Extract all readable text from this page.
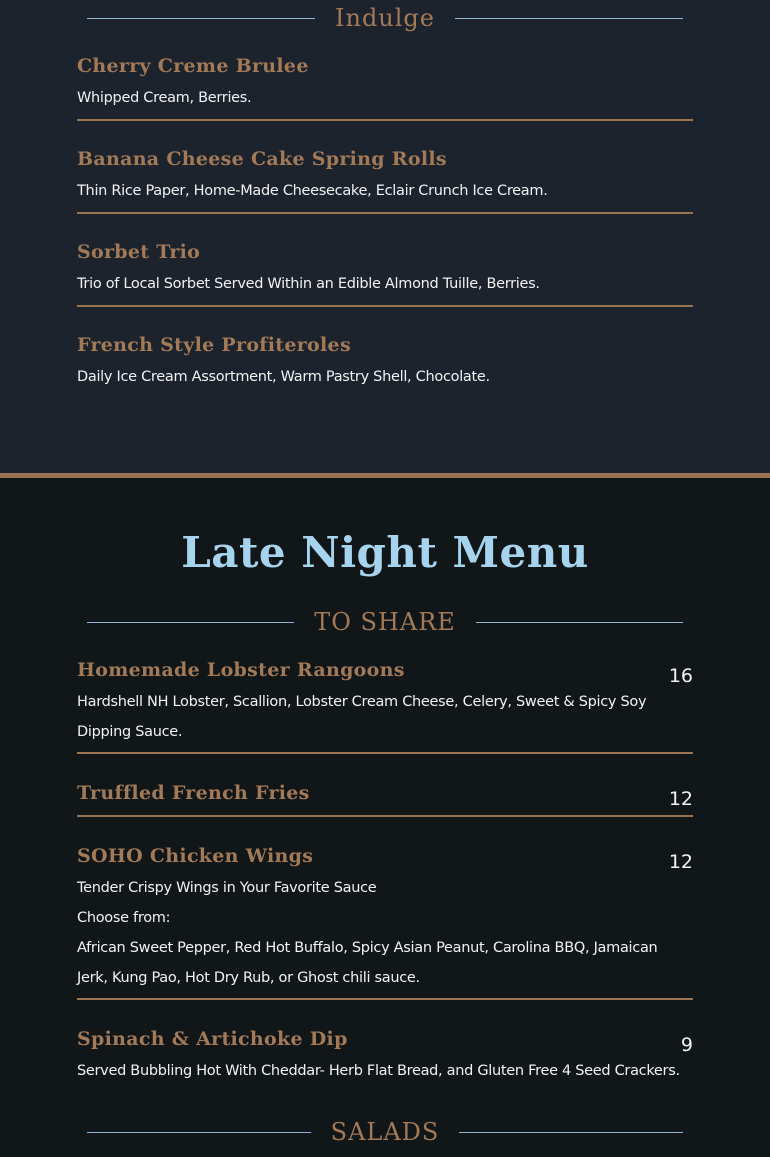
Indulge
Cherry Creme Brulee
Whipped Cream, Berries.
Banana Cheese Cake Spring Rolls
Thin Rice Paper, Home-Made Cheesecake, Eclair Crunch Ice Cream.
Sorbet Trio
Trio of Local Sorbet Served Within an Edible Almond Tuille, Berries.
French Style Profiteroles
Daily Ice Cream Assortment, Warm Pastry Shell, Chocolate.
Late Night Menu
TO SHARE
Homemade Lobster Rangoons
Hardshell NH Lobster, Scallion, Lobster Cream Cheese, Celery, Sweet & Spicy Soy Dipping Sauce.
16
Truffled French Fries	12
SOHO Chicken Wings
Tender Crispy Wings in Your Favorite Sauce
Choose from:
African Sweet Pepper, Red Hot Buffalo, Spicy Asian Peanut, Carolina BBQ, Jamaican Jerk, Kung Pao, Hot Dry Rub, or Ghost chili sauce.
12
Spinach & Artichoke Dip
Served Bubbling Hot With Cheddar- Herb Flat Bread, and Gluten Free 4 Seed Crackers.
9
SALADS
